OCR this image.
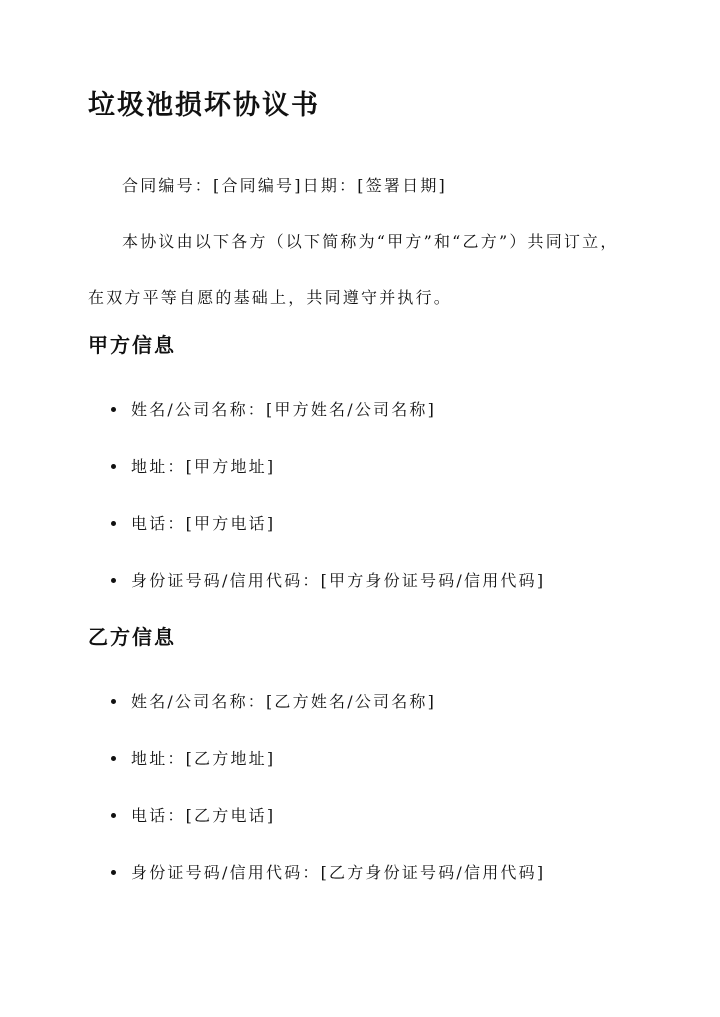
垃圾池损坏协议书

合同编号：[合同编号]日期：[签署日期]

本协议由以下各方（以下简称为“甲方”和“乙方”）共同订立，在双方平等自愿的基础上，共同遵守并执行。

甲方信息
姓名/公司名称：[甲方姓名/公司名称]
地址：[甲方地址]
电话：[甲方电话]
身份证号码/信用代码：[甲方身份证号码/信用代码]
乙方信息
姓名/公司名称：[乙方姓名/公司名称]
地址：[乙方地址]
电话：[乙方电话]
身份证号码/信用代码：[乙方身份证号码/信用代码]
